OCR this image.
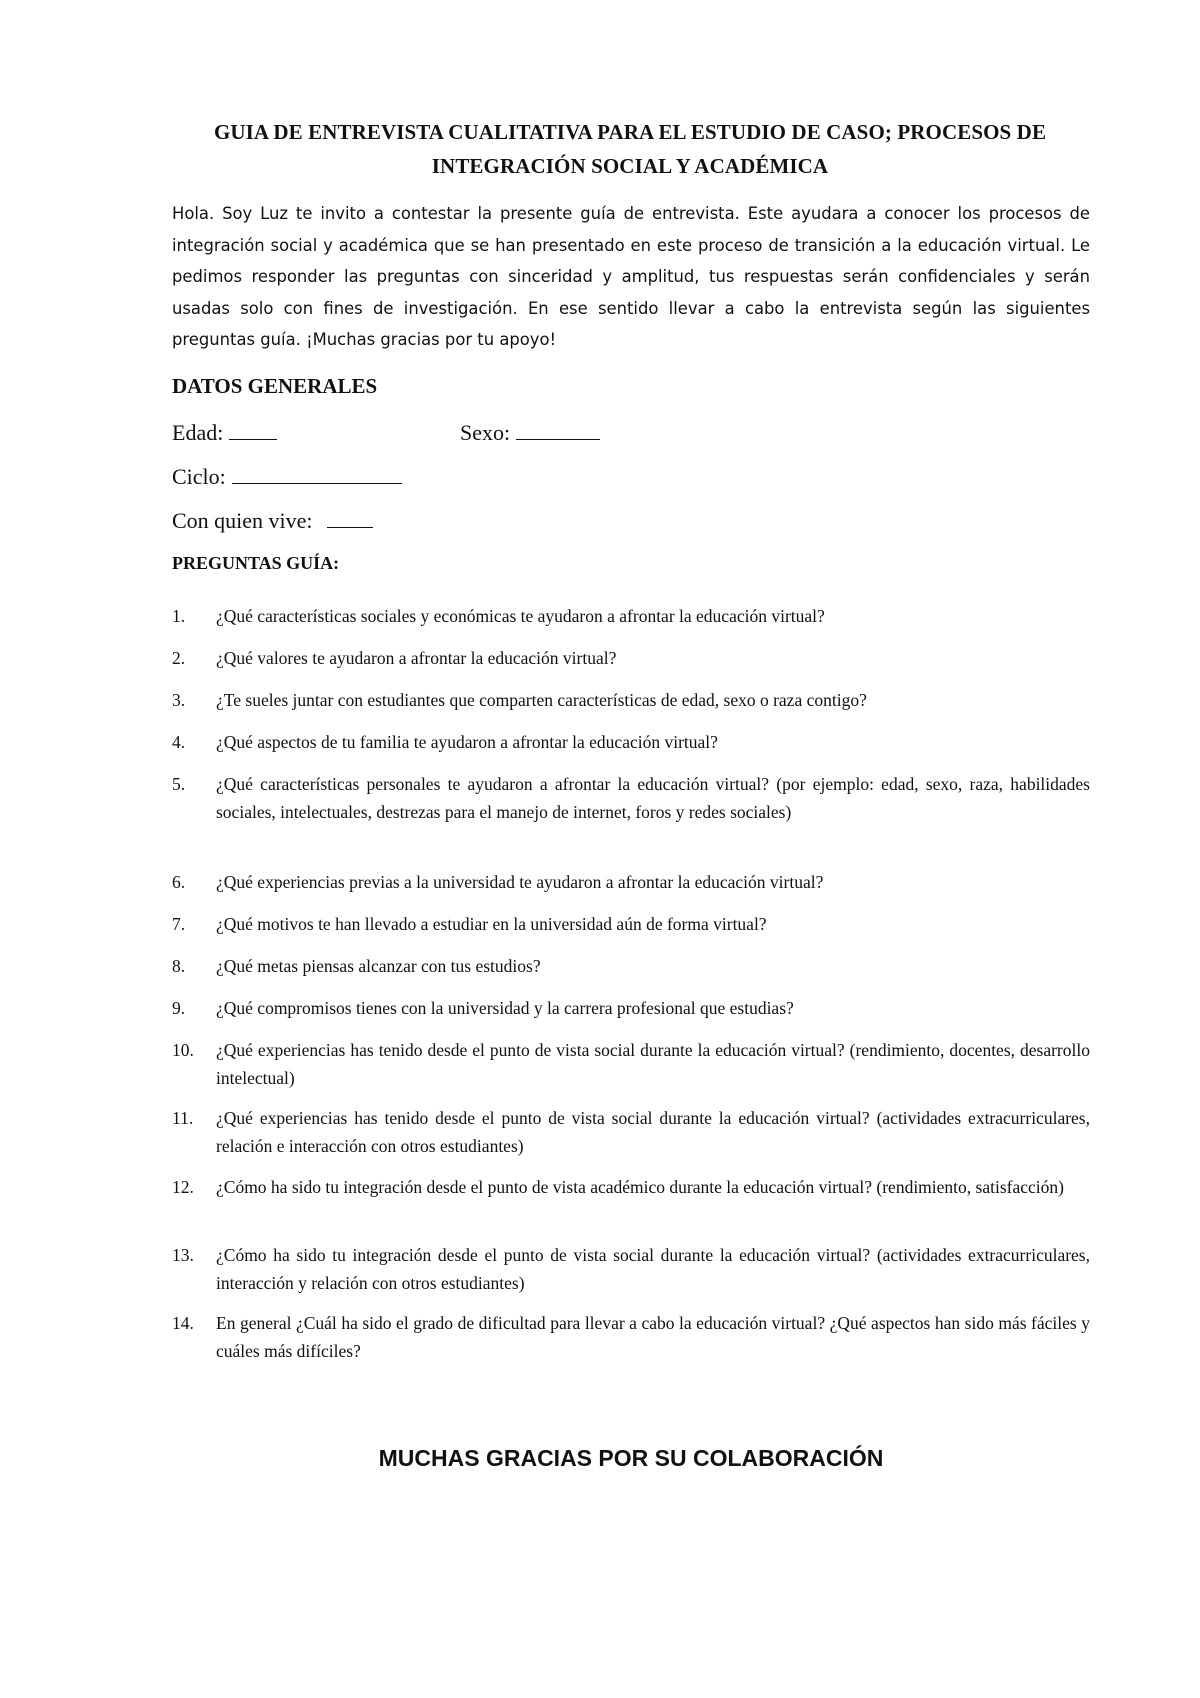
GUIA DE ENTREVISTA CUALITATIVA PARA EL ESTUDIO DE CASO; PROCESOS DE INTEGRACIÓN SOCIAL Y ACADÉMICA

Hola. Soy Luz te invito a contestar la presente guía de entrevista. Este ayudara a conocer los procesos de integración social y académica que se han presentado en este proceso de transición a la educación virtual. Le pedimos responder las preguntas con sinceridad y amplitud, tus respuestas serán confidenciales y serán usadas solo con fines de investigación. En ese sentido llevar a cabo la entrevista según las siguientes preguntas guía. ¡Muchas gracias por tu apoyo!

DATOS GENERALES
Edad:	Sexo:
Ciclo:
Con quien vive:
PREGUNTAS GUÍA:
1.	¿Qué características sociales y económicas te ayudaron a afrontar la educación virtual?
2.	¿Qué valores te ayudaron a afrontar la educación virtual?
3.	¿Te sueles juntar con estudiantes que comparten características de edad, sexo o raza contigo?
4.	¿Qué aspectos de tu familia te ayudaron a afrontar la educación virtual?
5.	¿Qué características personales te ayudaron a afrontar la educación virtual? (por ejemplo: edad, sexo, raza, habilidades sociales, intelectuales, destrezas para el manejo de internet, foros y redes sociales)
6.	¿Qué experiencias previas a la universidad te ayudaron a afrontar la educación virtual?
7.	¿Qué motivos te han llevado a estudiar en la universidad aún de forma virtual?
8.	¿Qué metas piensas alcanzar con tus estudios?
9.	¿Qué compromisos tienes con la universidad y la carrera profesional que estudias?
10.	¿Qué experiencias has tenido desde el punto de vista social durante la educación virtual? (rendimiento, docentes, desarrollo intelectual)
11.	¿Qué experiencias has tenido desde el punto de vista social durante la educación virtual? (actividades extracurriculares, relación e interacción con otros estudiantes)
12.	¿Cómo ha sido tu integración desde el punto de vista académico durante la educación virtual? (rendimiento, satisfacción)
13.	¿Cómo ha sido tu integración desde el punto de vista social durante la educación virtual? (actividades extracurriculares, interacción y relación con otros estudiantes)
14.	En general ¿Cuál ha sido el grado de dificultad para llevar a cabo la educación virtual? ¿Qué aspectos han sido más fáciles y cuáles más difíciles?
MUCHAS GRACIAS POR SU COLABORACIÓN
